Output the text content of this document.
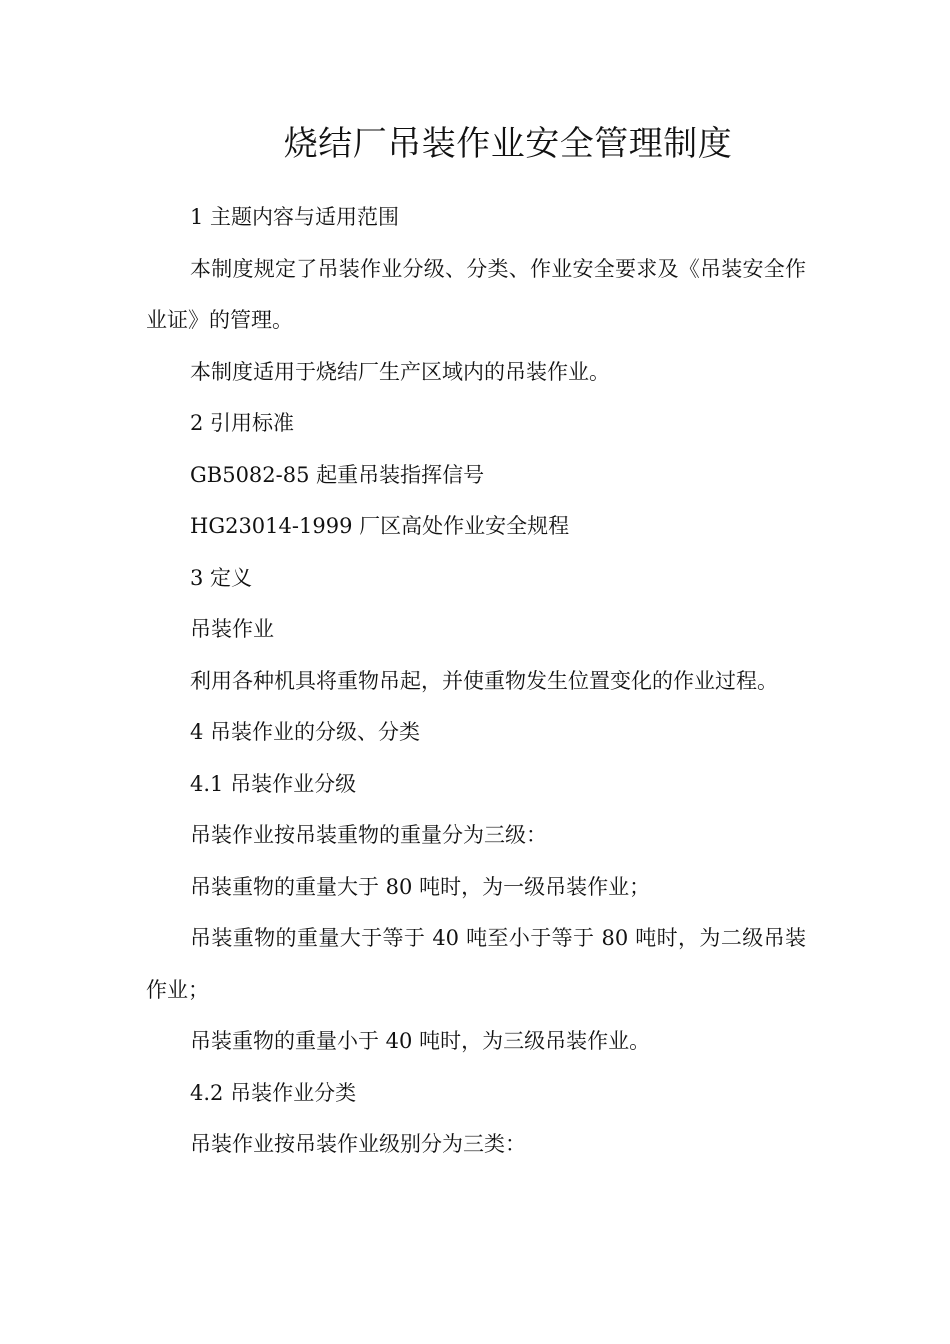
烧结厂吊装作业安全管理制度

1 主题内容与适用范围

本制度规定了吊装作业分级、分类、作业安全要求及《吊装安全作业证》的管理。

本制度适用于烧结厂生产区域内的吊装作业。

2 引用标准

GB5082-85 起重吊装指挥信号

HG23014-1999 厂区高处作业安全规程

3 定义

吊装作业

利用各种机具将重物吊起，并使重物发生位置变化的作业过程。

4 吊装作业的分级、分类

4.1 吊装作业分级

吊装作业按吊装重物的重量分为三级：

吊装重物的重量大于 80 吨时，为一级吊装作业；

吊装重物的重量大于等于 40 吨至小于等于 80 吨时，为二级吊装作业；

吊装重物的重量小于 40 吨时，为三级吊装作业。

4.2 吊装作业分类

吊装作业按吊装作业级别分为三类：
